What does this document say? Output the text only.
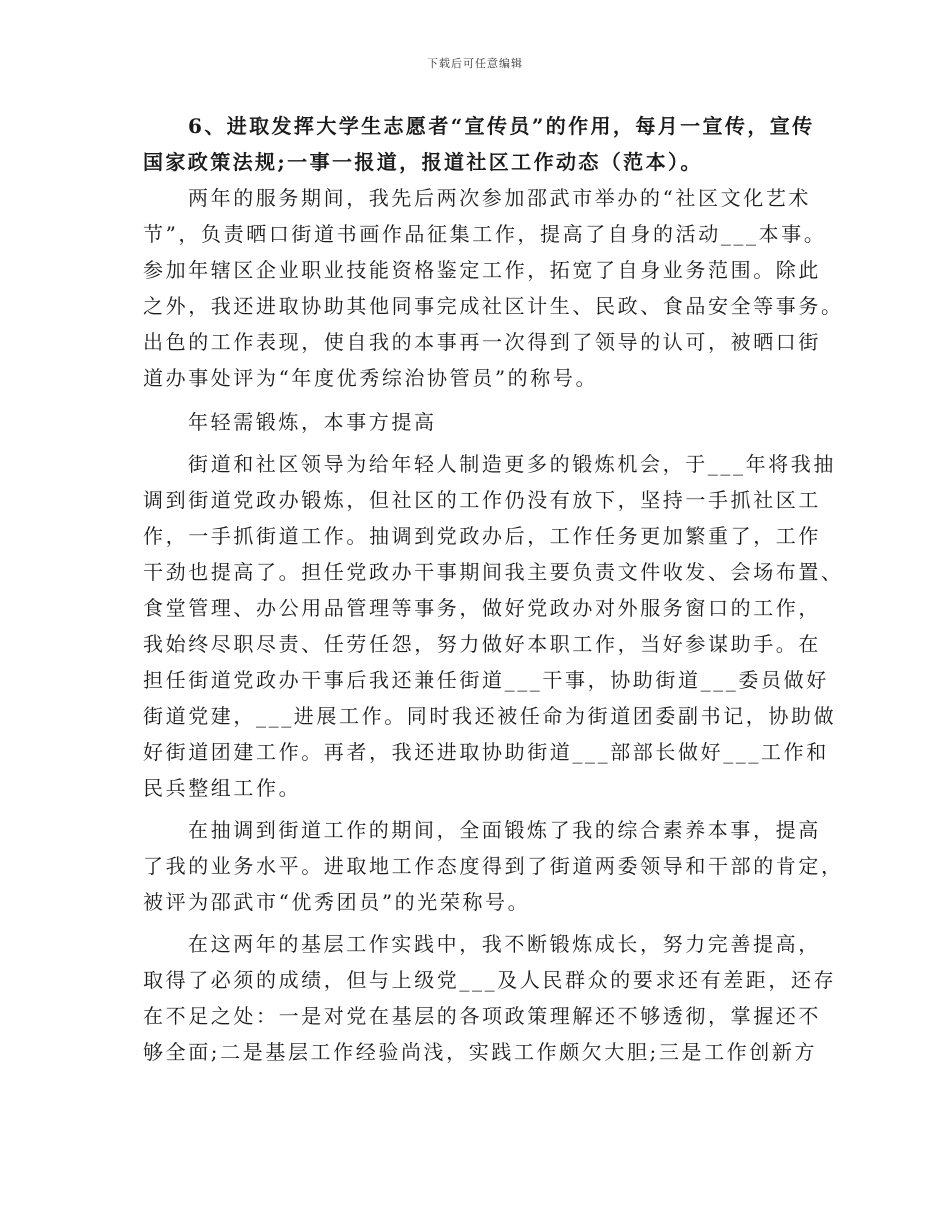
下载后可任意编辑
6、进取发挥大学生志愿者“宣传员”的作用，每月一宣传，宣传
国家政策法规;一事一报道，报道社区工作动态（范本）。
两年的服务期间，我先后两次参加邵武市举办的“社区文化艺术
节”，负责晒口街道书画作品征集工作，提高了自身的活动___本事。
参加年辖区企业职业技能资格鉴定工作，拓宽了自身业务范围。除此
之外，我还进取协助其他同事完成社区计生、民政、食品安全等事务。
出色的工作表现，使自我的本事再一次得到了领导的认可，被晒口街
道办事处评为“年度优秀综治协管员”的称号。
年轻需锻炼，本事方提高
街道和社区领导为给年轻人制造更多的锻炼机会，于___年将我抽
调到街道党政办锻炼，但社区的工作仍没有放下，坚持一手抓社区工
作，一手抓街道工作。抽调到党政办后，工作任务更加繁重了，工作
干劲也提高了。担任党政办干事期间我主要负责文件收发、会场布置、
食堂管理、办公用品管理等事务，做好党政办对外服务窗口的工作，
我始终尽职尽责、任劳任怨，努力做好本职工作，当好参谋助手。在
担任街道党政办干事后我还兼任街道___干事，协助街道___委员做好
街道党建，___进展工作。同时我还被任命为街道团委副书记，协助做
好街道团建工作。再者，我还进取协助街道___部部长做好___工作和
民兵整组工作。
在抽调到街道工作的期间，全面锻炼了我的综合素养本事，提高
了我的业务水平。进取地工作态度得到了街道两委领导和干部的肯定，
被评为邵武市“优秀团员”的光荣称号。
在这两年的基层工作实践中，我不断锻炼成长，努力完善提高，
取得了必须的成绩，但与上级党___及人民群众的要求还有差距，还存
在不足之处：一是对党在基层的各项政策理解还不够透彻，掌握还不
够全面;二是基层工作经验尚浅，实践工作颇欠大胆;三是工作创新方
